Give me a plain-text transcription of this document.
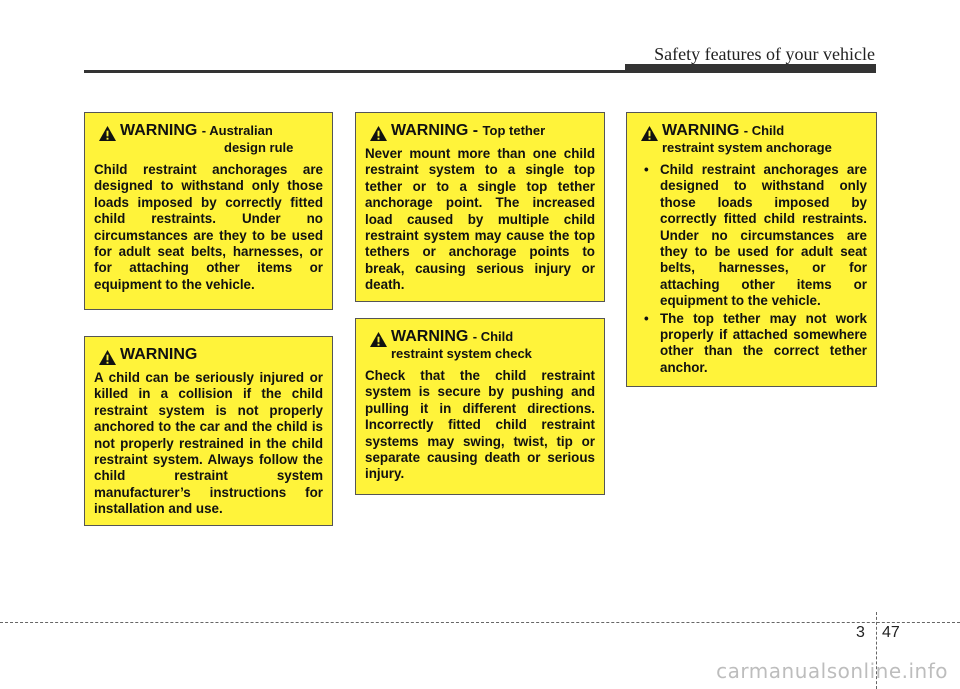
Safety features of your vehicle
WARNING - Australian
design rule
Child restraint anchorages are designed to withstand only those loads imposed by correctly fitted child restraints. Under no circumstances are they to be used for adult seat belts, harnesses, or for attaching other items or equipment to the vehicle.
WARNING
A child can be seriously injured or killed in a collision if the child restraint system is not properly anchored to the car and the child is not properly restrained in the child restraint system. Always follow the child restraint system manufacturer’s instructions for installation and use.
WARNING - Top tether
Never mount more than one child restraint system to a single top tether or to a single top tether anchorage point. The increased load caused by multiple child restraint system may cause the top tethers or anchorage points to break, causing serious injury or death.
WARNING - Child
restraint system check
Check that the child restraint system is secure by pushing and pulling it in different directions. Incorrectly fitted child restraint systems may swing, twist, tip or separate causing death or serious injury.
WARNING - Child
restraint system anchorage
• Child restraint anchorages are designed to withstand only those loads imposed by correctly fitted child restraints. Under no circumstances are they to be used for adult seat belts, harnesses, or for attaching other items or equipment to the vehicle.
• The top tether may not work properly if attached somewhere other than the correct tether anchor.
3 47
carmanualsonline.info
